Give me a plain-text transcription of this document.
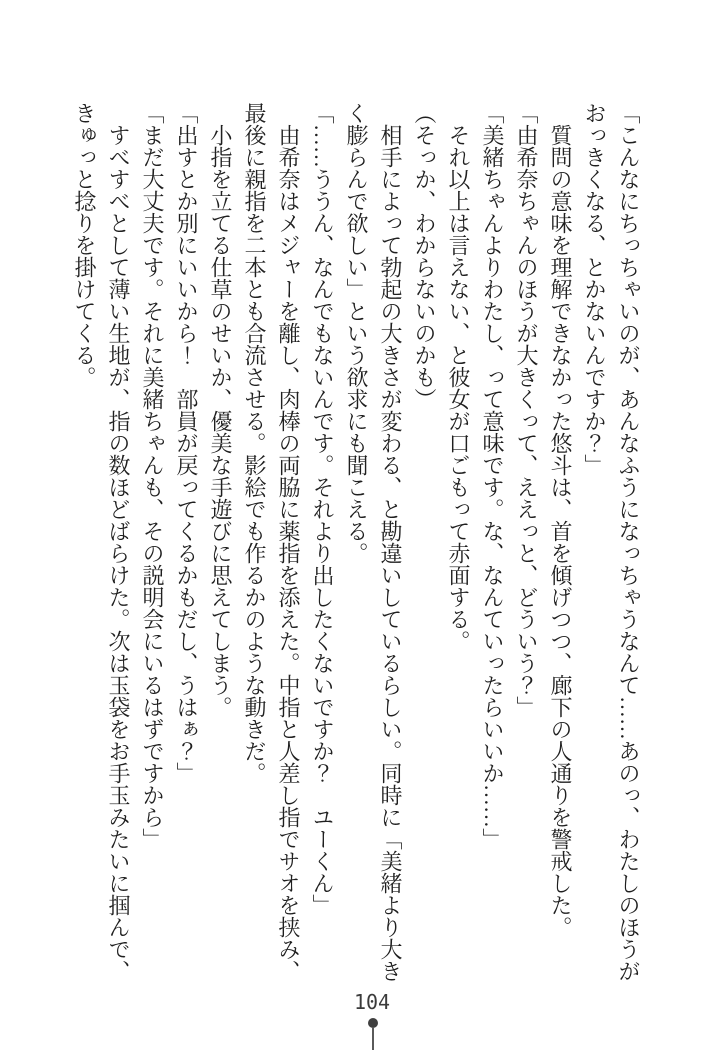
「こんなにちっちゃいのが、あんなふうになっちゃうなんて……あのっ、わたしのほうがおっきくなる、とかないんですか？」

質問の意味を理解できなかった悠斗は、首を傾げつつ、廊下の人通りを警戒した。

「由希奈ちゃんのほうが大きくって、ええっと、どういう？」

「美緒ちゃんよりわたし、って意味です。な、なんていったらいいか……」

それ以上は言えない、と彼女が口ごもって赤面する。

（そっか、わからないのかも）

相手によって勃起の大きさが変わる、と勘違いしているらしい。同時に「美緒より大きく膨らんで欲しい」という欲求にも聞こえる。

「……ううん、なんでもないんです。それより出したくないですか？　ユーくん」

由希奈はメジャーを離し、肉棒の両脇に薬指を添えた。中指と人差し指でサオを挟み、最後に親指を二本とも合流させる。影絵でも作るかのような動きだ。

小指を立てる仕草のせいか、優美な手遊びに思えてしまう。

「出すとか別にいいから！　部員が戻ってくるかもだし、うはぁ？」

「まだ大丈夫です。それに美緒ちゃんも、その説明会にいるはずですから」

すべすべとして薄い生地が、指の数ほどばらけた。次は玉袋をお手玉みたいに掴んで、きゅっと捻りを掛けてくる。

104
